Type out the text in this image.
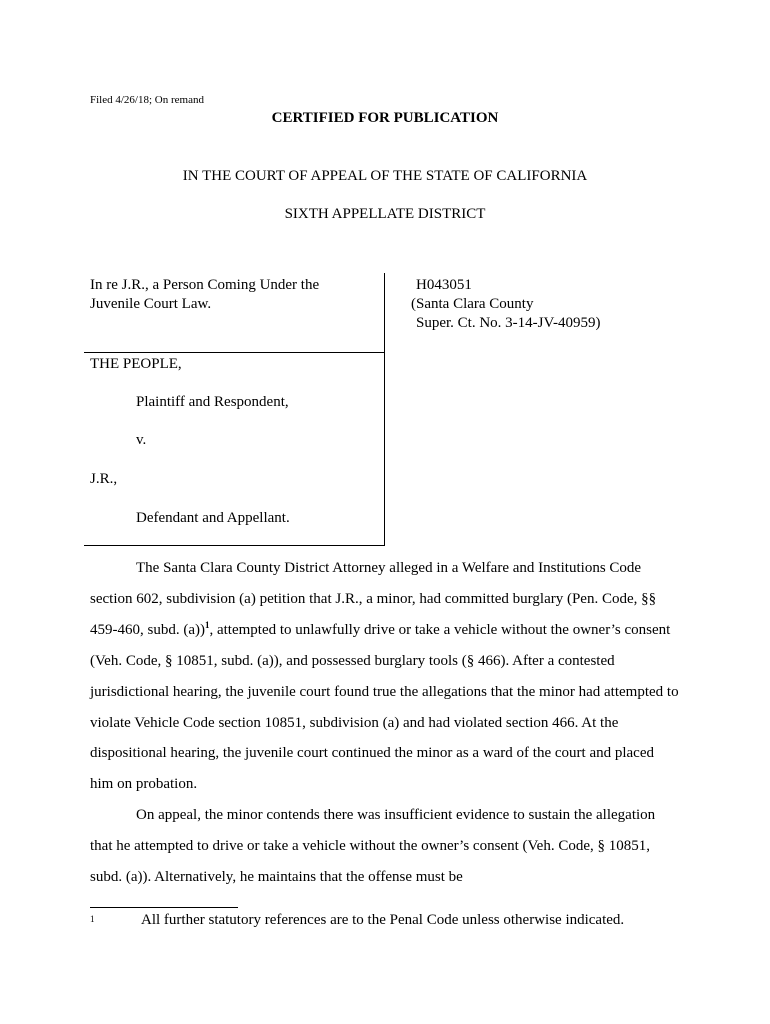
Filed 4/26/18; On remand
CERTIFIED FOR PUBLICATION
IN THE COURT OF APPEAL OF THE STATE OF CALIFORNIA
SIXTH APPELLATE DISTRICT
In re J.R., a Person Coming Under the
Juvenile Court Law.
THE PEOPLE,
Plaintiff and Respondent,
v.
J.R.,
Defendant and Appellant.
H043051
(Santa Clara County
Super. Ct. No. 3-14-JV-40959)

The Santa Clara County District Attorney alleged in a Welfare and Institutions Code section 602, subdivision (a) petition that J.R., a minor, had committed burglary (Pen. Code, §§ 459-460, subd. (a))$^1$, attempted to unlawfully drive or take a vehicle without the owner’s consent (Veh. Code, § 10851, subd. (a)), and possessed burglary tools (§ 466). After a contested jurisdictional hearing, the juvenile court found true the allegations that the minor had attempted to violate Vehicle Code section 10851, subdivision (a) and had violated section 466. At the dispositional hearing, the juvenile court continued the minor as a ward of the court and placed him on probation.

On appeal, the minor contends there was insufficient evidence to sustain the allegation that he attempted to drive or take a vehicle without the owner’s consent (Veh. Code, § 10851, subd. (a)). Alternatively, he maintains that the offense must be

1	All further statutory references are to the Penal Code unless otherwise indicated.
